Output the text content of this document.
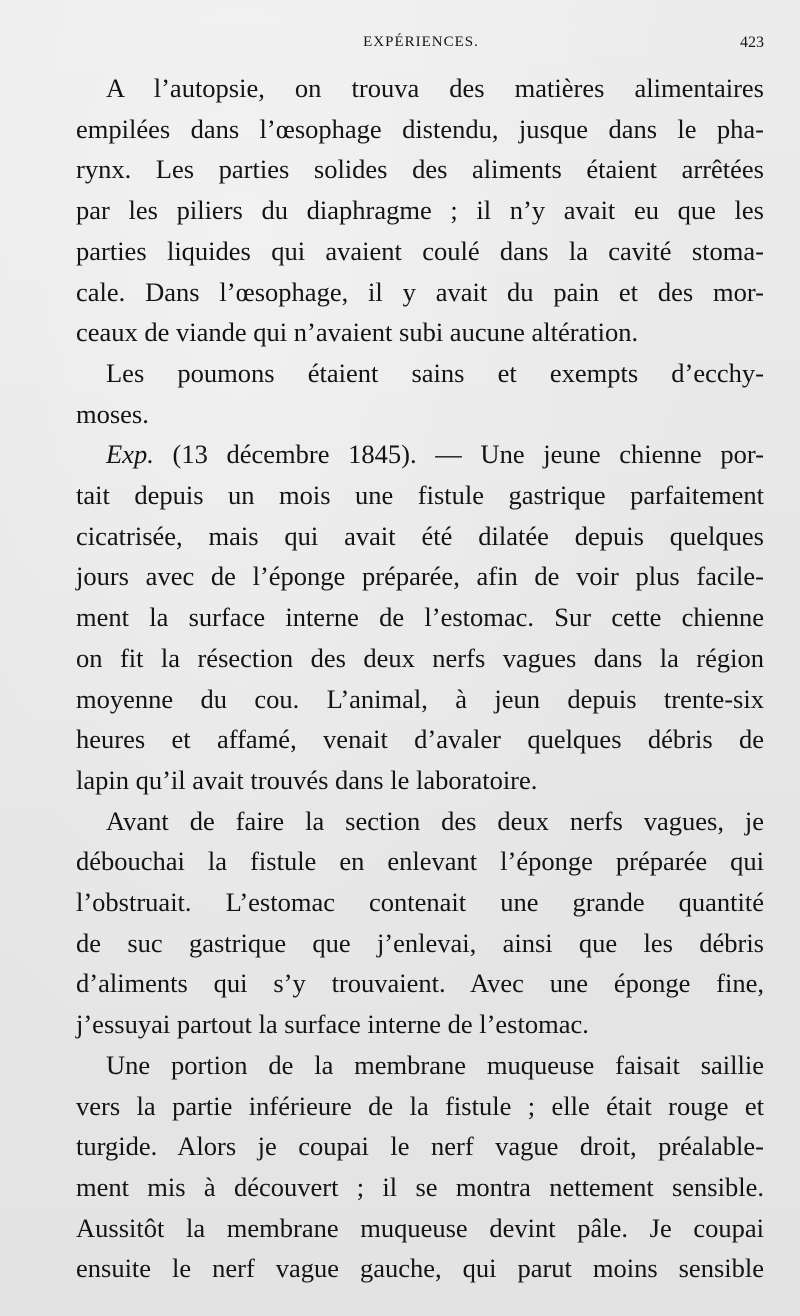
EXPÉRIENCES.	423

A l’autopsie, on trouva des matières alimentaires
empilées dans l’œsophage distendu, jusque dans le pha-
rynx. Les parties solides des aliments étaient arrêtées
par les piliers du diaphragme ; il n’y avait eu que les
parties liquides qui avaient coulé dans la cavité stoma-
cale. Dans l’œsophage, il y avait du pain et des mor-
ceaux de viande qui n’avaient subi aucune altération.

Les poumons étaient sains et exempts d’ecchy-
moses.

Exp. (13 décembre 1845). — Une jeune chienne por-
tait depuis un mois une fistule gastrique parfaitement
cicatrisée, mais qui avait été dilatée depuis quelques
jours avec de l’éponge préparée, afin de voir plus facile-
ment la surface interne de l’estomac. Sur cette chienne
on fit la résection des deux nerfs vagues dans la région
moyenne du cou. L’animal, à jeun depuis trente-six
heures et affamé, venait d’avaler quelques débris de
lapin qu’il avait trouvés dans le laboratoire.

Avant de faire la section des deux nerfs vagues, je
débouchai la fistule en enlevant l’éponge préparée qui
l’obstruait. L’estomac contenait une grande quantité
de suc gastrique que j’enlevai, ainsi que les débris
d’aliments qui s’y trouvaient. Avec une éponge fine,
j’essuyai partout la surface interne de l’estomac.

Une portion de la membrane muqueuse faisait saillie
vers la partie inférieure de la fistule ; elle était rouge et
turgide. Alors je coupai le nerf vague droit, préalable-
ment mis à découvert ; il se montra nettement sensible.
Aussitôt la membrane muqueuse devint pâle. Je coupai
ensuite le nerf vague gauche, qui parut moins sensible
